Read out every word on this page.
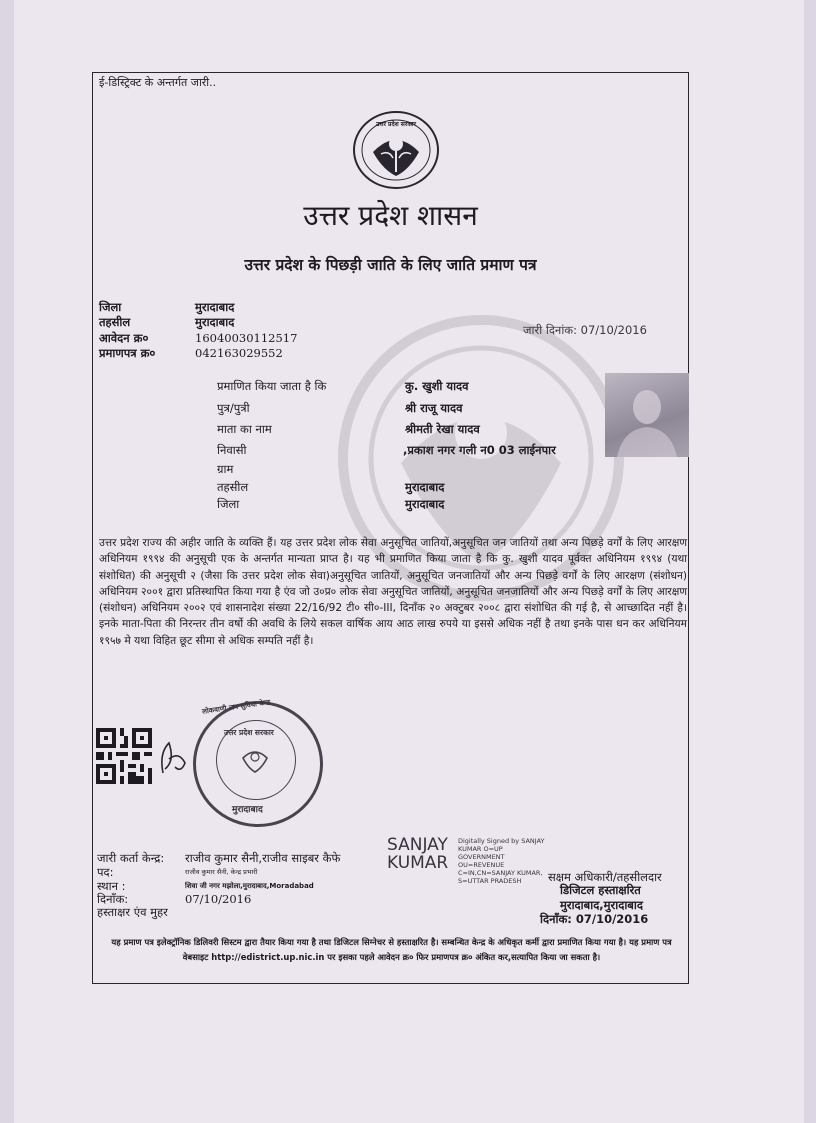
ई-डिस्ट्रिक्ट के अन्तर्गत जारी..
उत्तर प्रदेश सरकार
उत्तर प्रदेश शासन
उत्तर प्रदेश के पिछड़ी जाति के लिए जाति प्रमाण पत्र
जिला	मुरादाबाद
तहसील	मुरादाबाद
आवेदन क्र०	16040030112517
प्रमाणपत्र क्र०	042163029552
जारी दिनांक: 07/10/2016
प्रमाणित किया जाता है कि	कु. खुशी यादव
पुत्र/पुत्री	श्री राजू यादव
माता का नाम	श्रीमती रेखा यादव
निवासी	,प्रकाश नगर गली न0 03 लाईनपार
ग्राम
तहसील	मुरादाबाद
जिला	मुरादाबाद
उत्तर प्रदेश राज्य की अहीर जाति के व्यक्ति हैं। यह उत्तर प्रदेश लोक सेवा अनुसूचित जातियों,अनुसूचित जन जातियों तथा अन्य पिछड़े वर्गों के लिए आरक्षण अधिनियम १९९४ की अनुसूची एक के अन्तर्गत मान्यता प्राप्त है। यह भी प्रमाणित किया जाता है कि कु. खुशी यादव पूर्वक्त अधिनियम १९९४ (यथा संशोधित) की अनुसूची २ (जैसा कि उत्तर प्रदेश लोक सेवा)अनुसूचित जातियों, अनुसूचित जनजातियों और अन्य पिछड़े वर्गों के लिए आरक्षण (संशोधन) अधिनियम २००१ द्वारा प्रतिस्थापित किया गया है एंव जो उ०प्र० लोक सेवा अनुसूचित जातियों, अनुसूचित जनजातियों और अन्य पिछड़े वर्गों के लिए आरक्षण (संशोधन) अधिनियम २००२ एवं शासनादेश संख्या 22/16/92 टी० सी०-III, दिनाँक २० अक्टुबर २००८ द्वारा संशोधित की गई है, से आच्छादित नहीं है।इनके माता-पिता की निरन्तर तीन वर्षो की अवधि के लिये सकल वार्षिक आय आठ लाख रुपये या इससे अधिक नहीं है तथा इनके पास धन कर अधिनियम १९५७ मे यथा विहित छूट सीमा से अधिक सम्पति नहीं है।
उत्तर प्रदेश सरकार
लोकवाणी जन सुविधा केन्द्र
मुरादाबाद
जारी कर्ता केन्द्र: राजीव कुमार सैनी,राजीव साइबर कैफे
पद:	राजीव कुमार सैनी, केन्द्र प्रभारी
स्थान :	शिवा जी नगर मझोला,मुरादाबाद,Moradabad
दिनाँक:	07/10/2016
हस्ताक्षर एंव मुहर
SANJAY
KUMAR
Digitally Signed by SANJAY KUMAR O=UP GOVERNMENT OU=REVENUE C=IN,CN=SANJAY KUMAR, S=UTTAR PRADESH	सक्षम अधिकारी/तहसीलदार
डिजिटल हस्ताक्षरित
मुरादाबाद,मुरादाबाद
दिनाँक: 07/10/2016
यह प्रमाण पत्र इलेक्ट्रॉनिक डिलिवरी सिस्टम द्वारा तैयार किया गया है तथा डिजिटल सिग्नेचर से हस्ताक्षरित है। सम्बन्धित केन्द्र के अधिकृत कर्मी द्वारा प्रमाणित किया गया है। यह प्रमाण पत्र वेबसाइट http://edistrict.up.nic.in पर इसका पहले आवेदन क्र० फिर प्रमाणपत्र क्र० अंकित कर,सत्यापित किया जा सकता है।
